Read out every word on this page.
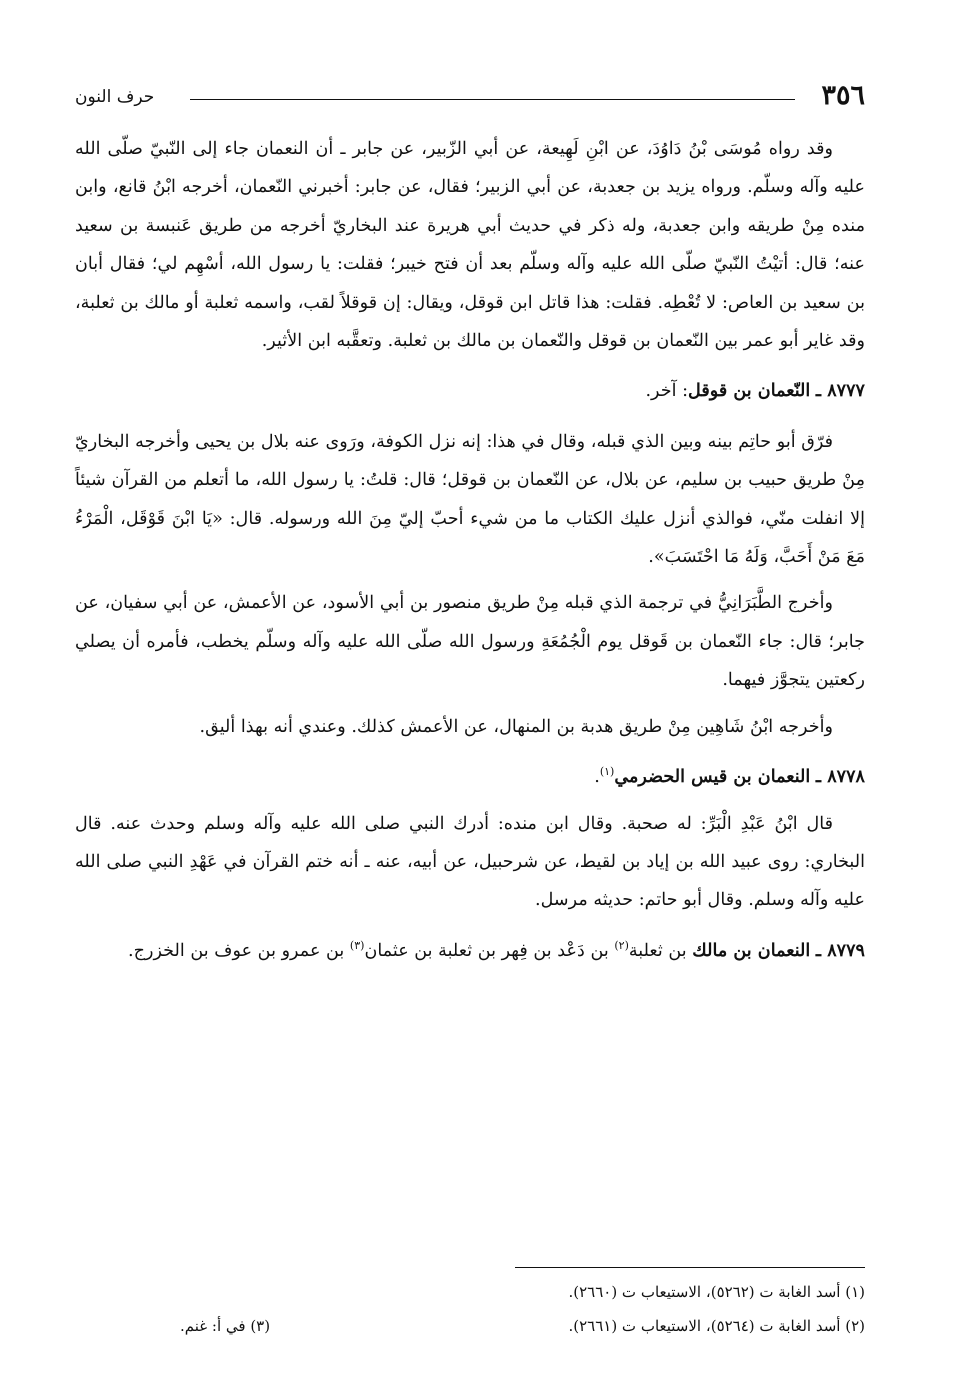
٣٥٦
حرف النون

وقد رواه مُوسَى بْنُ دَاوُدَ، عن ابْنِ لَهِيعة، عن أبي الزّبير، عن جابر ـ أن النعمان جاء إلى النّبيّ صلّى الله عليه وآله وسلّم. ورواه يزيد بن جعدبة، عن أبي الزبير؛ فقال، عن جابر: أخبرني النّعمان، أخرجه ابْنُ قانع، وابن منده مِنْ طريقه وابن جعدبة، وله ذكر في حديث أبي هريرة عند البخاريّ أخرجه من طريق عَنبسة بن سعيد عنه؛ قال: أتيْتُ النّبيّ صلّى الله عليه وآله وسلّم بعد أن فتح خيبر؛ فقلت: يا رسول الله، أسْهِم لي؛ فقال أبان بن سعيد بن العاص: لا تُعْطِه. فقلت: هذا قاتل ابن قوقل، ويقال: إن قوقلاً لقب، واسمه ثعلبة أو مالك بن ثعلبة، وقد غاير أبو عمر بين النّعمان بن قوقل والنّعمان بن مالك بن ثعلبة. وتعقَّبه ابن الأثير.

٨٧٧٧ ـ النّعمان بن قوقل: آخر.

فرّق أبو حاتِم بينه وبين الذي قبله، وقال في هذا: إنه نزل الكوفة، ورَوى عنه بلال بن يحيى وأخرجه البخاريّ مِنْ طريق حبيب بن سليم، عن بلال، عن النّعمان بن قوقل؛ قال: قلتُ: يا رسول الله، ما أتعلم من القرآن شيئاً إلا انفلت منّي، فوالذي أنزل عليك الكتاب ما من شيء أحبّ إليّ مِنَ الله ورسوله. قال: «يَا ابْنَ قَوْقَل، الْمَرْءُ مَعَ مَنْ أَحَبَّ، وَلَهُ مَا احْتَسَبَ».

وأخرج الطَّبَرَانِيُّ في ترجمة الذي قبله مِنْ طريق منصور بن أبي الأسود، عن الأعمش، عن أبي سفيان، عن جابر؛ قال: جاء النّعمان بن قَوقل يوم الْجُمُعَةِ ورسول الله صلّى الله عليه وآله وسلّم يخطب، فأمره أن يصلي ركعتين يتجوَّز فيهما.

وأخرجه ابْنُ شَاهِين مِنْ طريق هدبة بن المنهال، عن الأعمش كذلك. وعندي أنه بهذا أليق.

٨٧٧٨ ـ النعمان بن قيس الحضرمي$^{(١)}$.

قال ابْنُ عَبْدِ الْبَرِّ: له صحبة. وقال ابن منده: أدرك النبي صلى الله عليه وآله وسلم وحدث عنه. قال البخاري: روى عبيد الله بن إياد بن لقيط، عن شرحبيل، عن أبيه، عنه ـ أنه ختم القرآن في عَهْدِ النبي صلى الله عليه وآله وسلم. وقال أبو حاتم: حديثه مرسل.

٨٧٧٩ ـ النعمان بن مالك بن ثعلبة$^{(٢)}$ بن دَعْد بن فِهر بن ثعلبة بن عثمان$^{(٣)}$ بن عمرو بن عوف بن الخزرج.

(١) أسد الغابة ت (٥٢٦٢)، الاستيعاب ت (٢٦٦٠).
(٢) أسد الغابة ت (٥٢٦٤)، الاستيعاب ت (٢٦٦١).
(٣) في أ: غنم.
